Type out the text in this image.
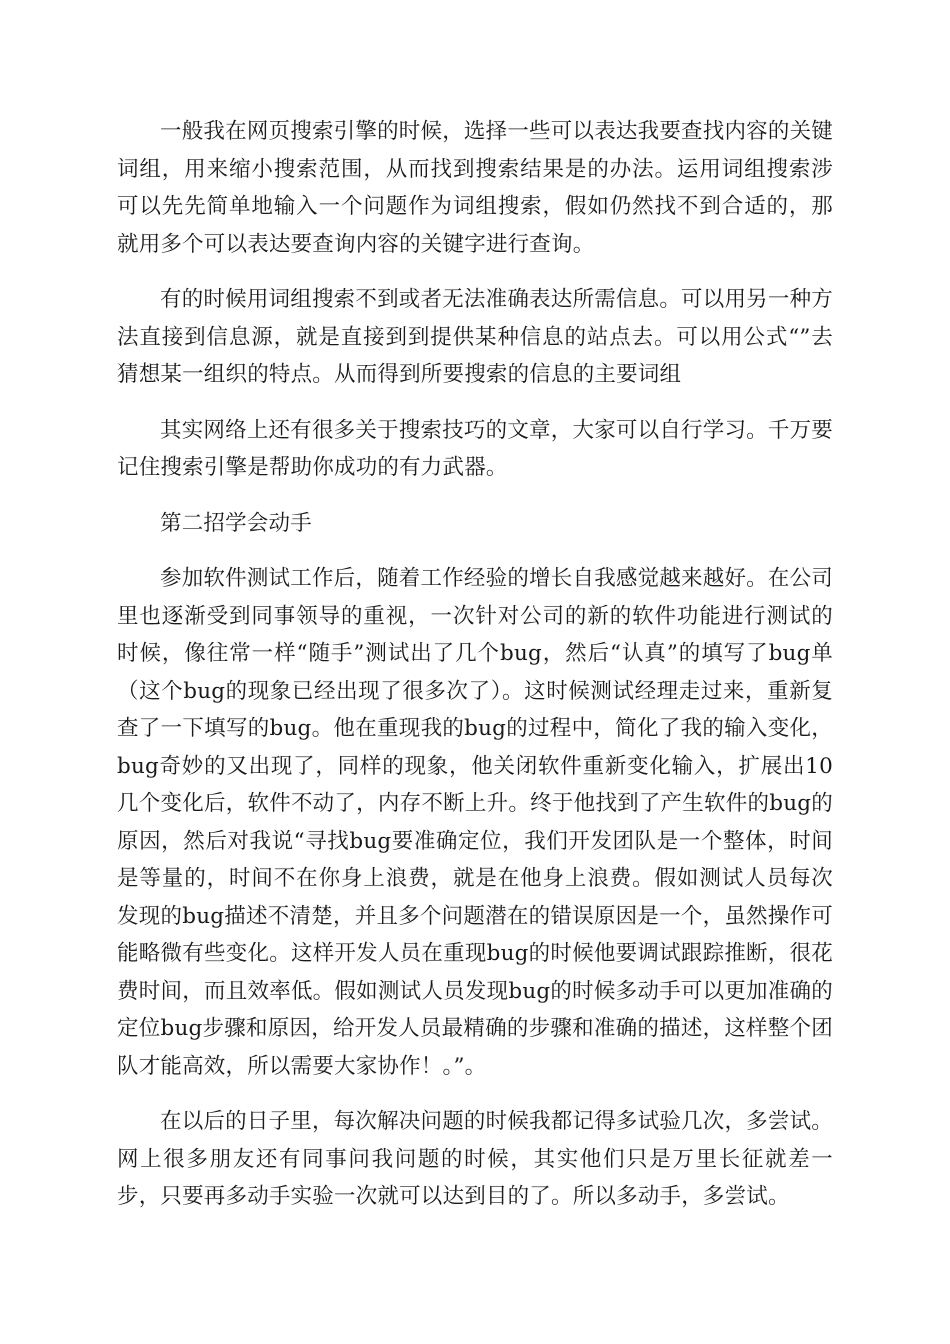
一般我在网页搜索引擎的时候，选择一些可以表达我要查找内容的关键词组，用来缩小搜索范围，从而找到搜索结果是的办法。运用词组搜索涉可以先先简单地输入一个问题作为词组搜索，假如仍然找不到合适的，那就用多个可以表达要查询内容的关键字进行查询。

有的时候用词组搜索不到或者无法准确表达所需信息。可以用另一种方法直接到信息源，就是直接到到提供某种信息的站点去。可以用公式“”去猜想某一组织的特点。从而得到所要搜索的信息的主要词组

其实网络上还有很多关于搜索技巧的文章，大家可以自行学习。千万要记住搜索引擎是帮助你成功的有力武器。

第二招学会动手

参加软件测试工作后，随着工作经验的增长自我感觉越来越好。在公司里也逐渐受到同事领导的重视，一次针对公司的新的软件功能进行测试的时候，像往常一样“随手”测试出了几个bug，然后“认真”的填写了bug单（这个bug的现象已经出现了很多次了）。这时候测试经理走过来，重新复查了一下填写的bug。他在重现我的bug的过程中，简化了我的输入变化，bug奇妙的又出现了，同样的现象，他关闭软件重新变化输入，扩展出10几个变化后，软件不动了，内存不断上升。终于他找到了产生软件的bug的原因，然后对我说“寻找bug要准确定位，我们开发团队是一个整体，时间是等量的，时间不在你身上浪费，就是在他身上浪费。假如测试人员每次发现的bug描述不清楚，并且多个问题潜在的错误原因是一个，虽然操作可能略微有些变化。这样开发人员在重现bug的时候他要调试跟踪推断，很花费时间，而且效率低。假如测试人员发现bug的时候多动手可以更加准确的定位bug步骤和原因，给开发人员最精确的步骤和准确的描述，这样整个团队才能高效，所以需要大家协作！。”。

在以后的日子里，每次解决问题的时候我都记得多试验几次，多尝试。网上很多朋友还有同事问我问题的时候，其实他们只是万里长征就差一步，只要再多动手实验一次就可以达到目的了。所以多动手，多尝试。
